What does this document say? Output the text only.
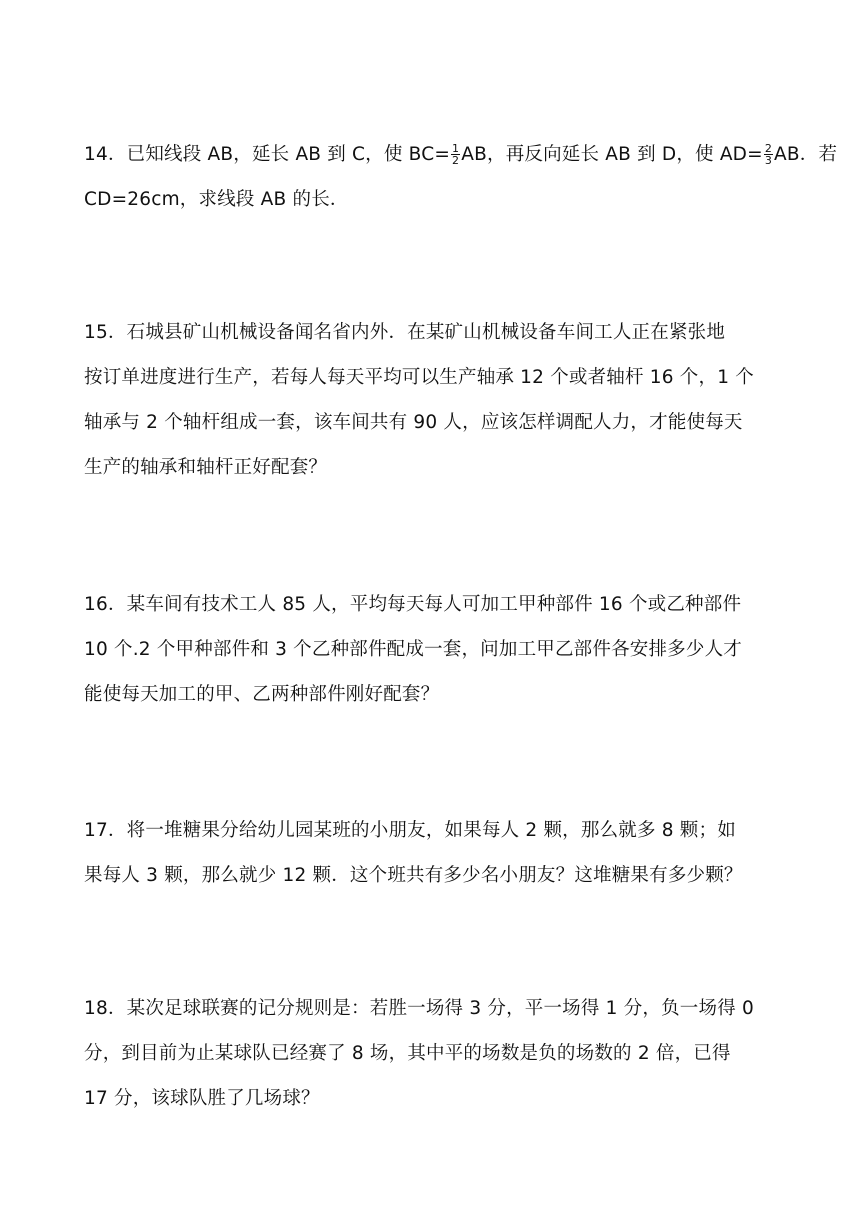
14．已知线段 AB，延长 AB 到 C，使 $BC= \frac{1}{2}$ AB，再反向延长 AB 到 D，使 $AD= \frac{2}{3}$ AB．若
CD=26cm，求线段 AB 的长．
15．石城县矿山机械设备闻名省内外．在某矿山机械设备车间工人正在紧张地
按订单进度进行生产，若每人每天平均可以生产轴承 12 个或者轴杆 16 个，1 个
轴承与 2 个轴杆组成一套，该车间共有 90 人，应该怎样调配人力，才能使每天
生产的轴承和轴杆正好配套？
16．某车间有技术工人 85 人，平均每天每人可加工甲种部件 16 个或乙种部件
10 个.2 个甲种部件和 3 个乙种部件配成一套，问加工甲乙部件各安排多少人才
能使每天加工的甲、乙两种部件刚好配套？
17．将一堆糖果分给幼儿园某班的小朋友，如果每人 2 颗，那么就多 8 颗；如
果每人 3 颗，那么就少 12 颗．这个班共有多少名小朋友？这堆糖果有多少颗？
18．某次足球联赛的记分规则是：若胜一场得 3 分，平一场得 1 分，负一场得 0
分，到目前为止某球队已经赛了 8 场，其中平的场数是负的场数的 2 倍，已得
17 分，该球队胜了几场球？
